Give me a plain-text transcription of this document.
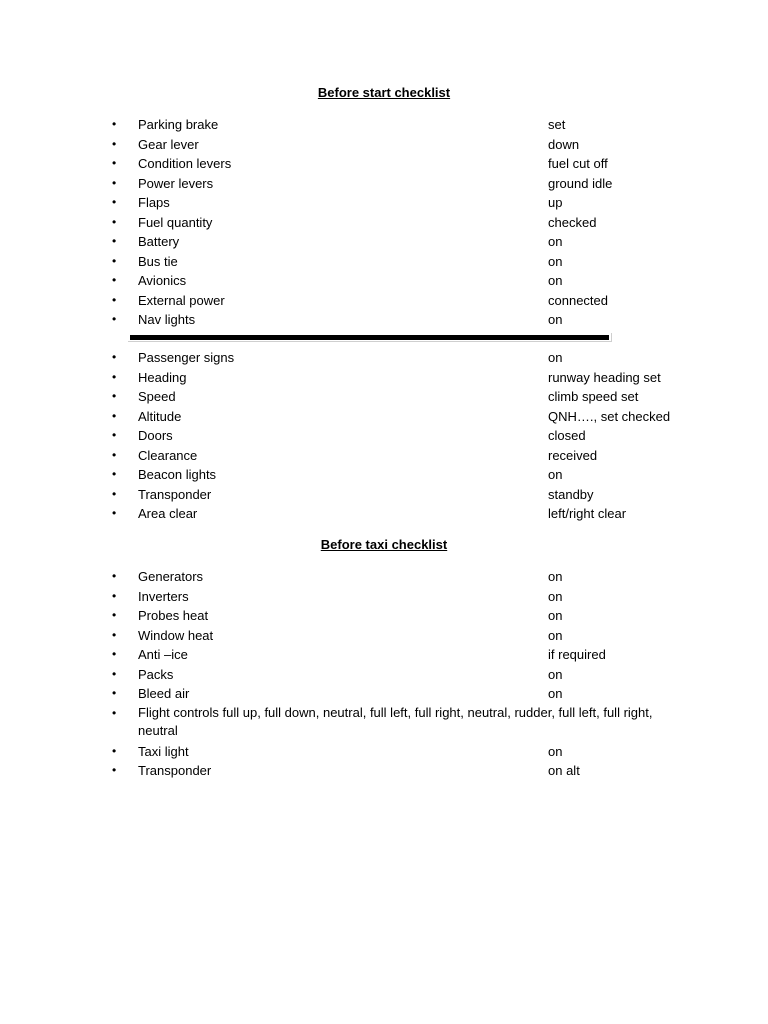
Before start checklist
• Parking brake	set
• Gear lever	down
• Condition levers	fuel cut off
• Power levers	ground idle
• Flaps	up
• Fuel quantity	checked
• Battery	on
• Bus tie	on
• Avionics	on
• External power	connected
• Nav lights	on
• Passenger signs	on
• Heading	runway heading set
• Speed	climb speed set
• Altitude	QNH…., set checked
• Doors	closed
• Clearance	received
• Beacon lights	on
• Transponder	standby
• Area clear	left/right clear
Before taxi checklist
• Generators	on
• Inverters	on
• Probes heat	on
• Window heat	on
• Anti –ice	if required
• Packs	on
• Bleed air	on
• Flight controls full up, full down, neutral, full left, full right, neutral, rudder, full left, full right, neutral
• Taxi light	on
• Transponder	on alt
